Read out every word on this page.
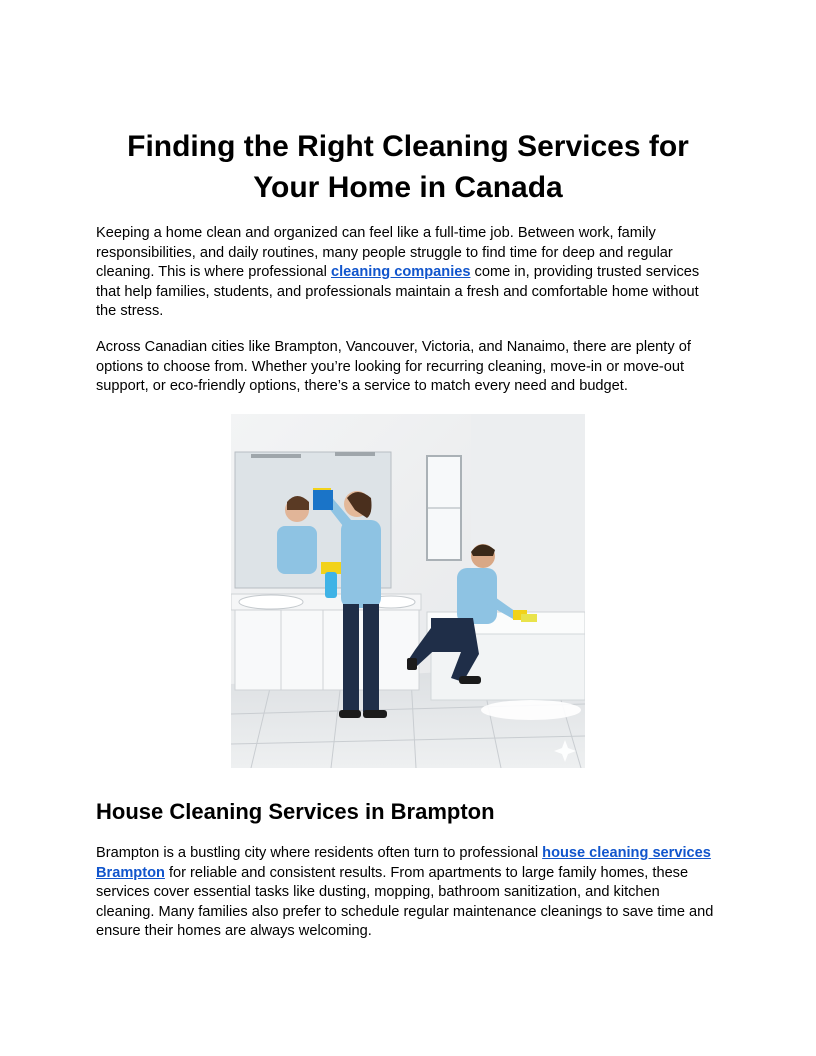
Finding the Right Cleaning Services for Your Home in Canada

Keeping a home clean and organized can feel like a full-time job. Between work, family responsibilities, and daily routines, many people struggle to find time for deep and regular cleaning. This is where professional cleaning companies come in, providing trusted services that help families, students, and professionals maintain a fresh and comfortable home without the stress.

Across Canadian cities like Brampton, Vancouver, Victoria, and Nanaimo, there are plenty of options to choose from. Whether you’re looking for recurring cleaning, move-in or move-out support, or eco-friendly options, there’s a service to match every need and budget.

House Cleaning Services in Brampton

Brampton is a bustling city where residents often turn to professional house cleaning services Brampton for reliable and consistent results. From apartments to large family homes, these services cover essential tasks like dusting, mopping, bathroom sanitization, and kitchen cleaning. Many families also prefer to schedule regular maintenance cleanings to save time and ensure their homes are always welcoming.
